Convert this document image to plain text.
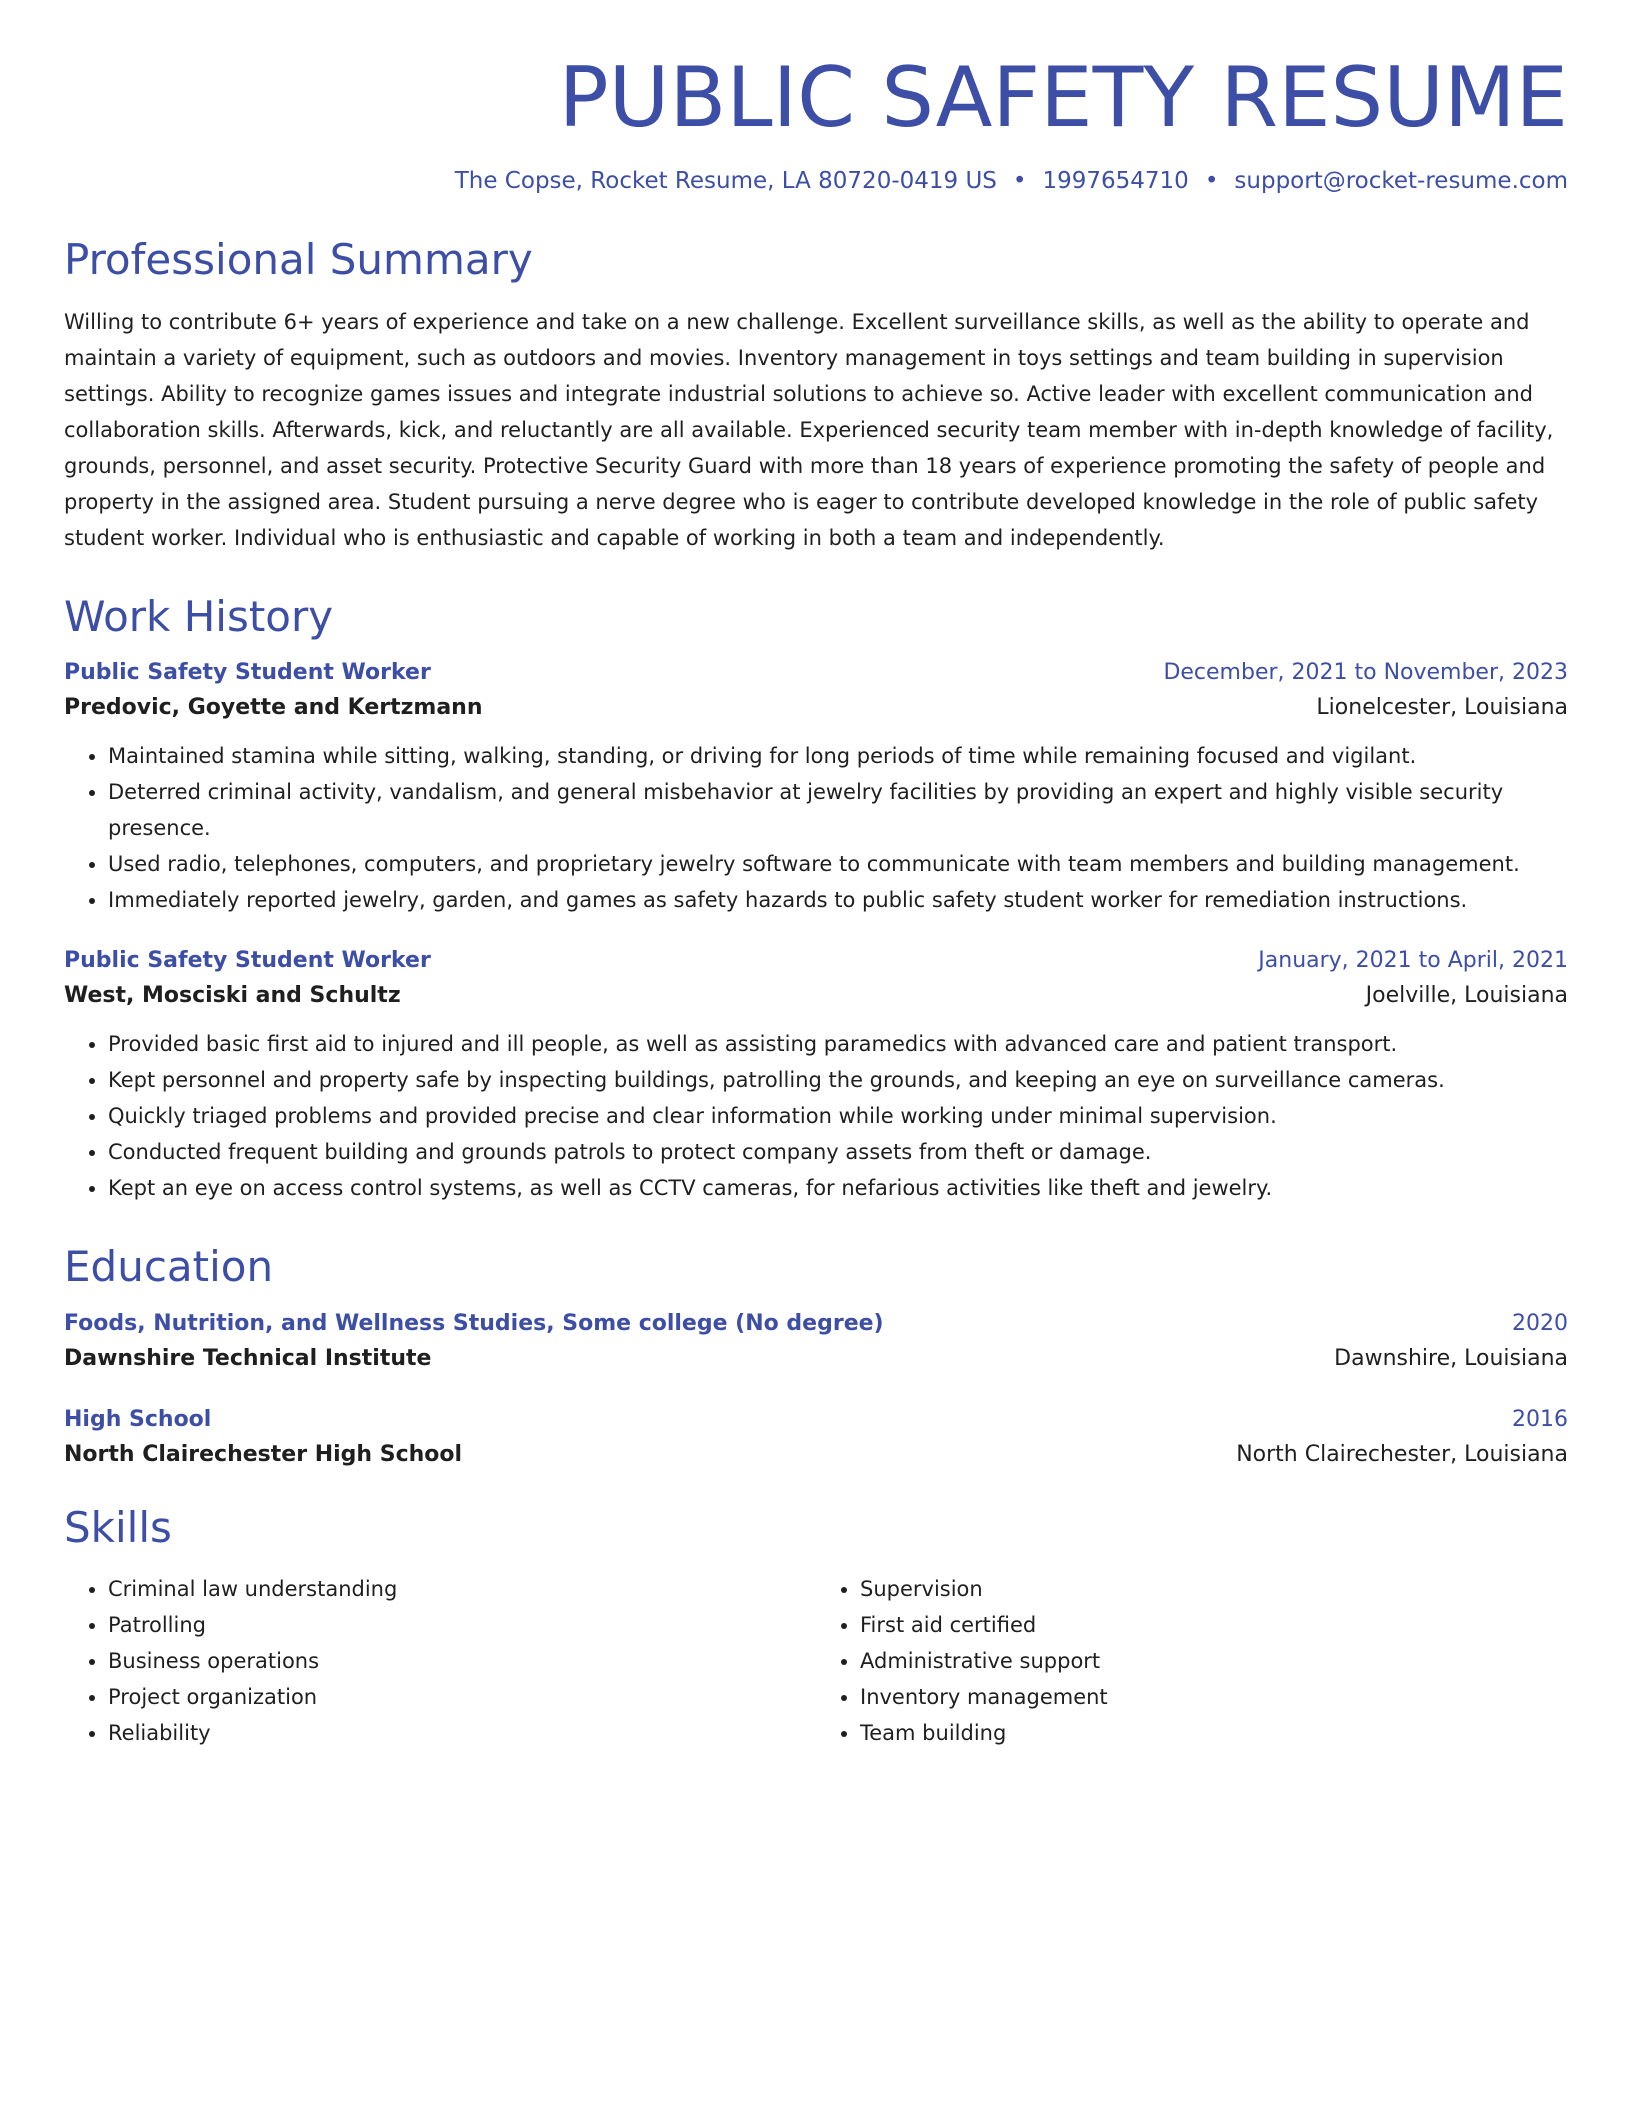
PUBLIC SAFETY RESUME
The Copse, Rocket Resume, LA 80720-0419 US • 1997654710 • support@rocket-resume.com
Professional Summary

Willing to contribute 6+ years of experience and take on a new challenge. Excellent surveillance skills, as well as the ability to operate and maintain a variety of equipment, such as outdoors and movies. Inventory management in toys settings and team building in supervision settings. Ability to recognize games issues and integrate industrial solutions to achieve so. Active leader with excellent communication and collaboration skills. Afterwards, kick, and reluctantly are all available. Experienced security team member with in-depth knowledge of facility, grounds, personnel, and asset security. Protective Security Guard with more than 18 years of experience promoting the safety of people and property in the assigned area. Student pursuing a nerve degree who is eager to contribute developed knowledge in the role of public safety student worker. Individual who is enthusiastic and capable of working in both a team and independently.

Work History
Public Safety Student Worker	December, 2021 to November, 2023
Predovic, Goyette and Kertzmann	Lionelcester, Louisiana
• Maintained stamina while sitting, walking, standing, or driving for long periods of time while remaining focused and vigilant.
• Deterred criminal activity, vandalism, and general misbehavior at jewelry facilities by providing an expert and highly visible security presence.
• Used radio, telephones, computers, and proprietary jewelry software to communicate with team members and building management.
• Immediately reported jewelry, garden, and games as safety hazards to public safety student worker for remediation instructions.
Public Safety Student Worker	January, 2021 to April, 2021
West, Mosciski and Schultz	Joelville, Louisiana
• Provided basic first aid to injured and ill people, as well as assisting paramedics with advanced care and patient transport.
• Kept personnel and property safe by inspecting buildings, patrolling the grounds, and keeping an eye on surveillance cameras.
• Quickly triaged problems and provided precise and clear information while working under minimal supervision.
• Conducted frequent building and grounds patrols to protect company assets from theft or damage.
• Kept an eye on access control systems, as well as CCTV cameras, for nefarious activities like theft and jewelry.
Education
Foods, Nutrition, and Wellness Studies, Some college (No degree)	2020
Dawnshire Technical Institute	Dawnshire, Louisiana
High School	2016
North Clairechester High School	North Clairechester, Louisiana
Skills
• Criminal law understanding
• Patrolling
• Business operations
• Project organization
• Reliability
• Supervision
• First aid certified
• Administrative support
• Inventory management
• Team building
